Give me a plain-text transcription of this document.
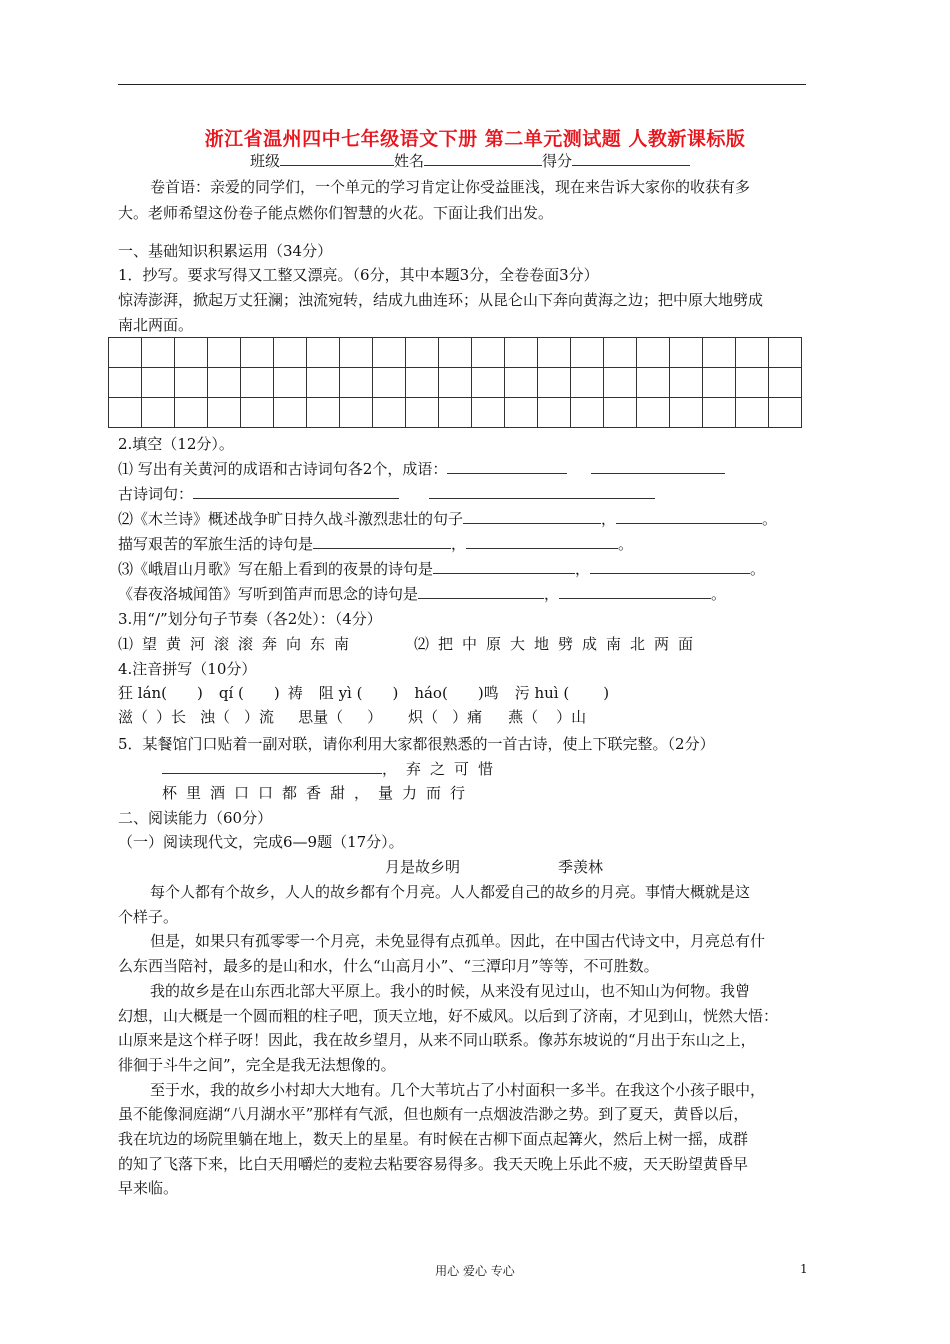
浙江省温州四中七年级语文下册 第二单元测试题 人教新课标版
班级	姓名	得分
卷首语：亲爱的同学们，一个单元的学习肯定让你受益匪浅，现在来告诉大家你的收获有多
大。老师希望这份卷子能点燃你们智慧的火花。下面让我们出发。
一、基础知识积累运用（34分）
1．抄写。要求写得又工整又漂亮。（6分，其中本题3分，全卷卷面3分）
惊涛澎湃，掀起万丈狂澜；浊流宛转，结成九曲连环；从昆仑山下奔向黄海之边；把中原大地劈成
南北两面。

2.填空（12分）。
⑴ 写出有关黄河的成语和古诗词句各2个，成语：
古诗词句：
⑵《木兰诗》概述战争旷日持久战斗激烈悲壮的句子	，	。
描写艰苦的军旅生活的诗句是	，	。
⑶《峨眉山月歌》写在船上看到的夜景的诗句是	，	。
《春夜洛城闻笛》写听到笛声而思念的诗句是	，	。
3.用“/”划分句子节奏（各2处）：（4分）
⑴望黄河滚滚奔向东南	⑵把中原大地劈成南北两面
4.注音拼写（10分）
狂 lán( ) qí ( ) 祷 阻 yì ( ) háo( )鸣 污 huì ( )
滋（ ）长 浊（ ）流 思量（ ） 炽（ ）痛 燕（ ）山
5．某餐馆门口贴着一副对联，请你利用大家都很熟悉的一首古诗，使上下联完整。（2分）
，弃之可惜
杯里酒口口都香甜，量力而行
二、阅读能力（60分）
（一）阅读现代文，完成6—9题（17分）。
月是故乡明	季羡林
每个人都有个故乡，人人的故乡都有个月亮。人人都爱自己的故乡的月亮。事情大概就是这
个样子。
但是，如果只有孤零零一个月亮，未免显得有点孤单。因此，在中国古代诗文中，月亮总有什
么东西当陪衬，最多的是山和水，什么“山高月小”、“三潭印月”等等，不可胜数。
我的故乡是在山东西北部大平原上。我小的时候，从来没有见过山，也不知山为何物。我曾
幻想，山大概是一个圆而粗的柱子吧，顶天立地，好不威风。以后到了济南，才见到山，恍然大悟：
山原来是这个样子呀！因此，我在故乡望月，从来不同山联系。像苏东坡说的“月出于东山之上，
徘徊于斗牛之间”，完全是我无法想像的。
至于水，我的故乡小村却大大地有。几个大苇坑占了小村面积一多半。在我这个小孩子眼中，
虽不能像洞庭湖“八月湖水平”那样有气派，但也颇有一点烟波浩渺之势。到了夏天，黄昏以后，
我在坑边的场院里躺在地上，数天上的星星。有时候在古柳下面点起篝火，然后上树一摇，成群
的知了飞落下来，比白天用嚼烂的麦粒去粘要容易得多。我天天晚上乐此不疲，天天盼望黄昏早
早来临。
用心 爱心 专心	1
